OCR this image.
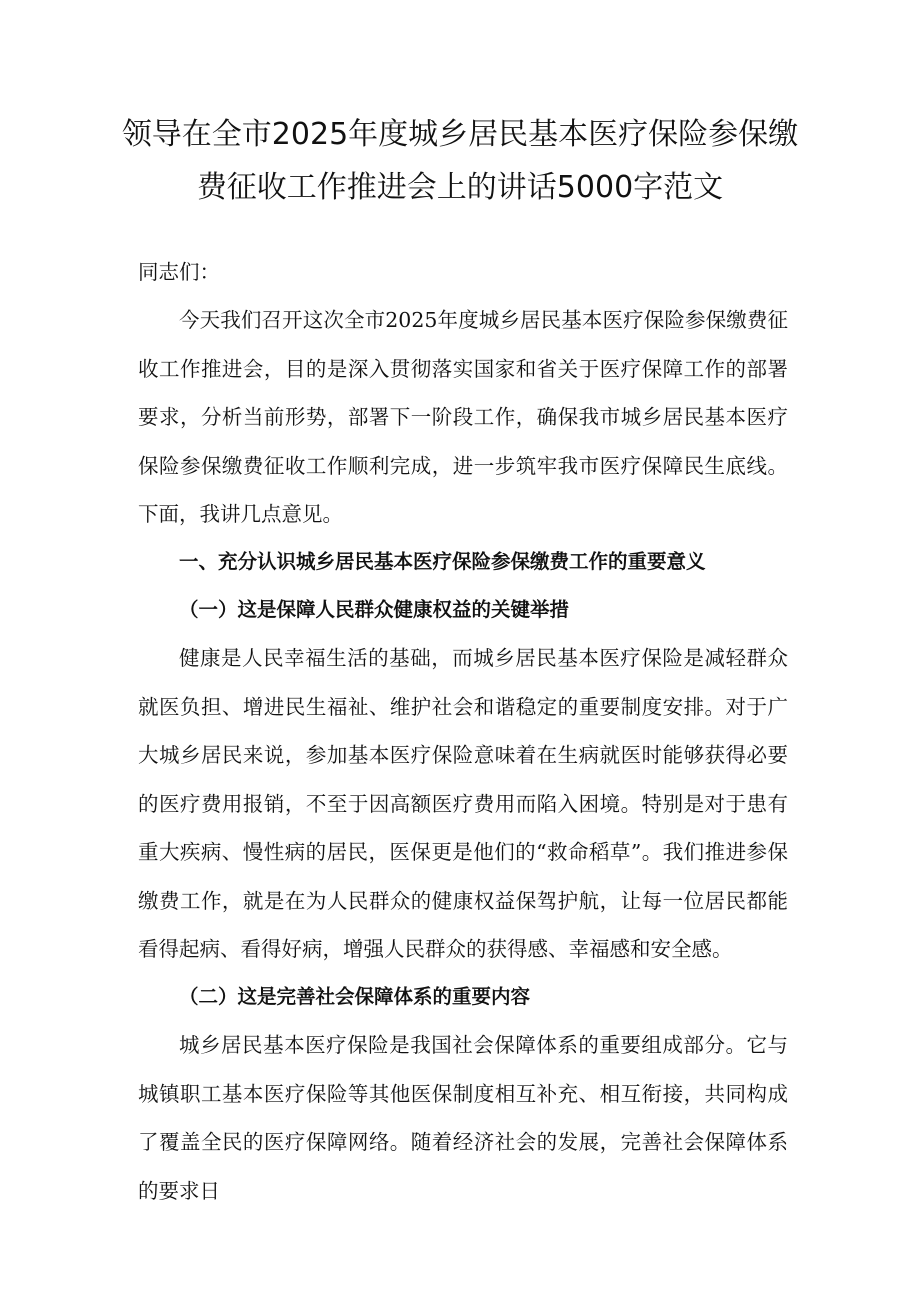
领导在全市2025年度城乡居民基本医疗保险参保缴
费征收工作推进会上的讲话5000字范文

同志们：

今天我们召开这次全市2025年度城乡居民基本医疗保险参保缴费征收工作推进会，目的是深入贯彻落实国家和省关于医疗保障工作的部署要求，分析当前形势，部署下一阶段工作，确保我市城乡居民基本医疗保险参保缴费征收工作顺利完成，进一步筑牢我市医疗保障民生底线。下面，我讲几点意见。

一、充分认识城乡居民基本医疗保险参保缴费工作的重要意义

（一）这是保障人民群众健康权益的关键举措

健康是人民幸福生活的基础，而城乡居民基本医疗保险是减轻群众就医负担、增进民生福祉、维护社会和谐稳定的重要制度安排。对于广大城乡居民来说，参加基本医疗保险意味着在生病就医时能够获得必要的医疗费用报销，不至于因高额医疗费用而陷入困境。特别是对于患有重大疾病、慢性病的居民，医保更是他们的“救命稻草”。我们推进参保缴费工作，就是在为人民群众的健康权益保驾护航，让每一位居民都能看得起病、看得好病，增强人民群众的获得感、幸福感和安全感。

（二）这是完善社会保障体系的重要内容

城乡居民基本医疗保险是我国社会保障体系的重要组成部分。它与城镇职工基本医疗保险等其他医保制度相互补充、相互衔接，共同构成了覆盖全民的医疗保障网络。随着经济社会的发展，完善社会保障体系的要求日
